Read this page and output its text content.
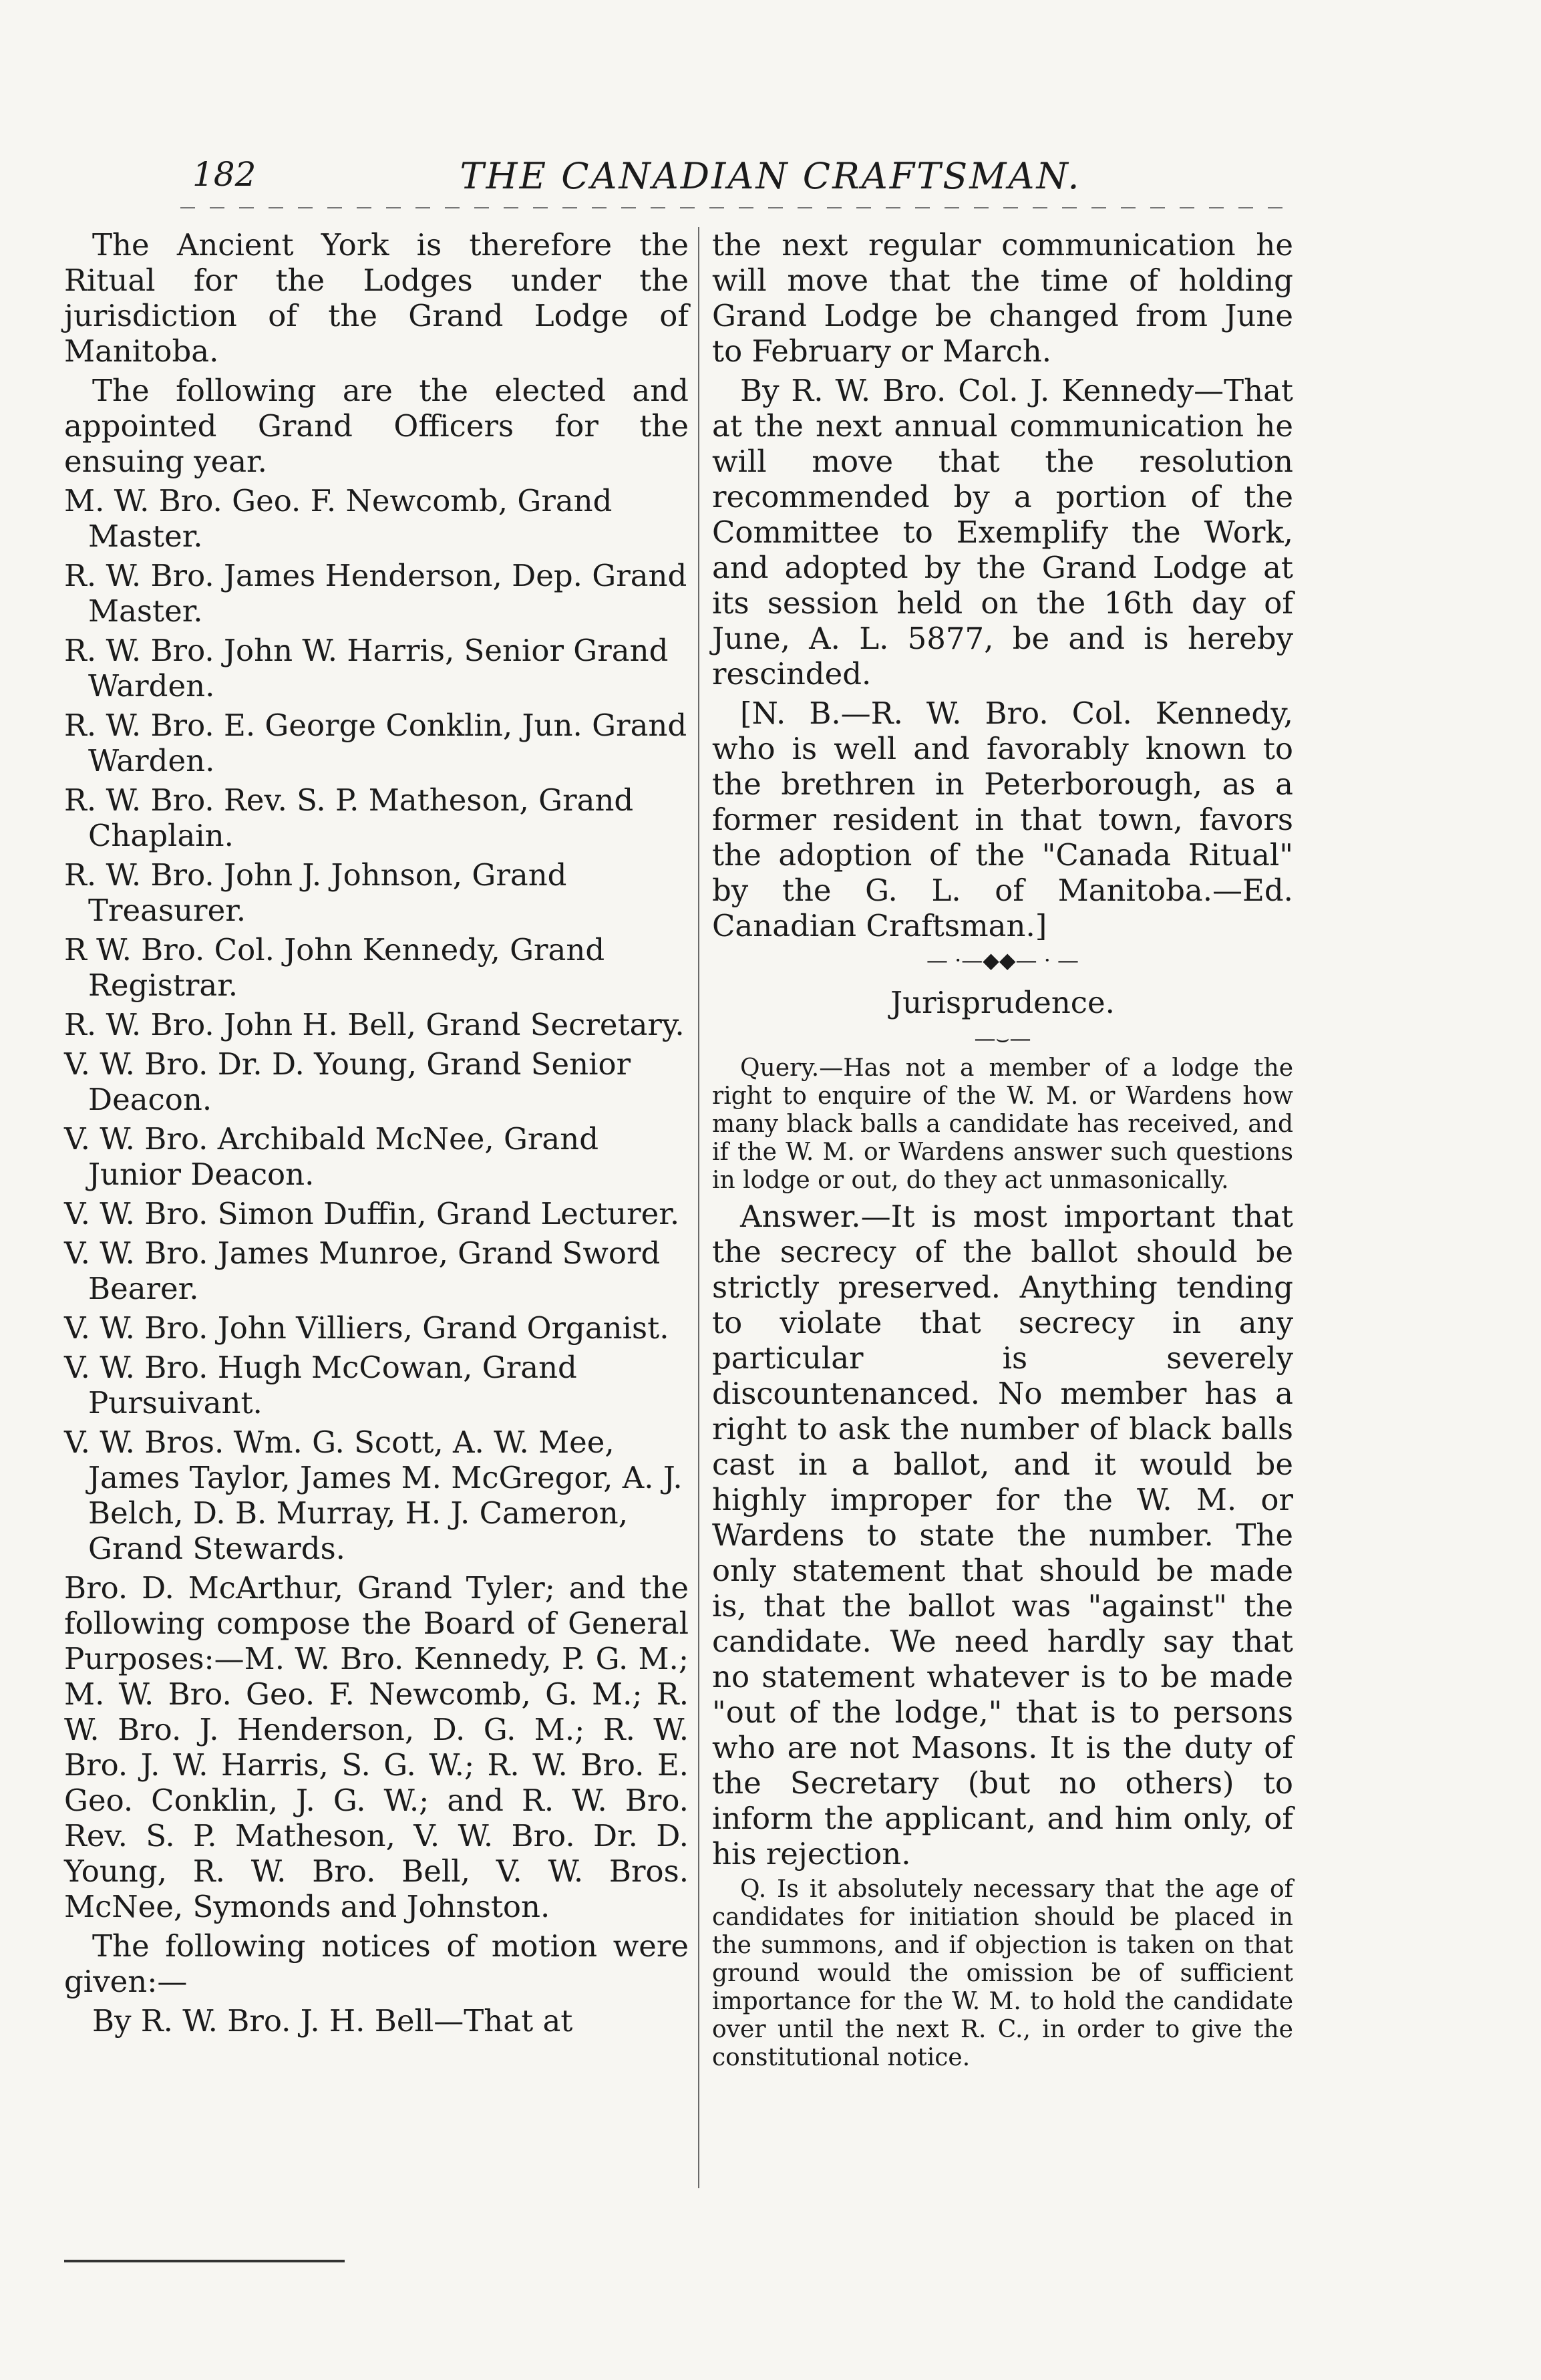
182	THE CANADIAN CRAFTSMAN.

The Ancient York is therefore the Ritual for the Lodges under the jurisdiction of the Grand Lodge of Manitoba.

The following are the elected and appointed Grand Officers for the ensuing year.

M. W. Bro. Geo. F. Newcomb, Grand Master.

R. W. Bro. James Henderson, Dep. Grand Master.

R. W. Bro. John W. Harris, Senior Grand Warden.

R. W. Bro. E. George Conklin, Jun. Grand Warden.

R. W. Bro. Rev. S. P. Matheson, Grand Chaplain.

R. W. Bro. John J. Johnson, Grand Treasurer.

R W. Bro. Col. John Kennedy, Grand Registrar.

R. W. Bro. John H. Bell, Grand Secretary.

V. W. Bro. Dr. D. Young, Grand Senior Deacon.

V. W. Bro. Archibald McNee, Grand Junior Deacon.

V. W. Bro. Simon Duffin, Grand Lecturer.

V. W. Bro. James Munroe, Grand Sword Bearer.

V. W. Bro. John Villiers, Grand Organist.

V. W. Bro. Hugh McCowan, Grand Pursuivant.

V. W. Bros. Wm. G. Scott, A. W. Mee, James Taylor, James M. McGregor, A. J. Belch, D. B. Murray, H. J. Cameron, Grand Stewards.

Bro. D. McArthur, Grand Tyler; and the following compose the Board of General Purposes:—M. W. Bro. Kennedy, P. G. M.; M. W. Bro. Geo. F. Newcomb, G. M.; R. W. Bro. J. Henderson, D. G. M.; R. W. Bro. J. W. Harris, S. G. W.; R. W. Bro. E. Geo. Conklin, J. G. W.; and R. W. Bro. Rev. S. P. Matheson, V. W. Bro. Dr. D. Young, R. W. Bro. Bell, V. W. Bros. McNee, Symonds and Johnston.

The following notices of motion were given:—

By R. W. Bro. J. H. Bell—That at

the next regular communication he will move that the time of holding Grand Lodge be changed from June to February or March.

By R. W. Bro. Col. J. Kennedy—That at the next annual communication he will move that the resolution recommended by a portion of the Committee to Exemplify the Work, and adopted by the Grand Lodge at its session held on the 16th day of June, A. L. 5877, be and is hereby rescinded.

[N. B.—R. W. Bro. Col. Kennedy, who is well and favorably known to the brethren in Peterborough, as a former resident in that town, favors the adoption of the "Canada Ritual" by the G. L. of Manitoba.—Ed. Canadian Craftsman.]

— ·—◆◆— · —
Jurisprudence.
—⌣—

Query.—Has not a member of a lodge the right to enquire of the W. M. or Wardens how many black balls a candidate has received, and if the W. M. or Wardens answer such questions in lodge or out, do they act unmasonically.

Answer.—It is most important that the secrecy of the ballot should be strictly preserved. Anything tending to violate that secrecy in any particular is severely discountenanced. No member has a right to ask the number of black balls cast in a ballot, and it would be highly improper for the W. M. or Wardens to state the number. The only statement that should be made is, that the ballot was "against" the candidate. We need hardly say that no statement whatever is to be made "out of the lodge," that is to persons who are not Masons. It is the duty of the Secretary (but no others) to inform the applicant, and him only, of his rejection.

Q. Is it absolutely necessary that the age of candidates for initiation should be placed in the summons, and if objection is taken on that ground would the omission be of sufficient importance for the W. M. to hold the candidate over until the next R. C., in order to give the constitutional notice.
